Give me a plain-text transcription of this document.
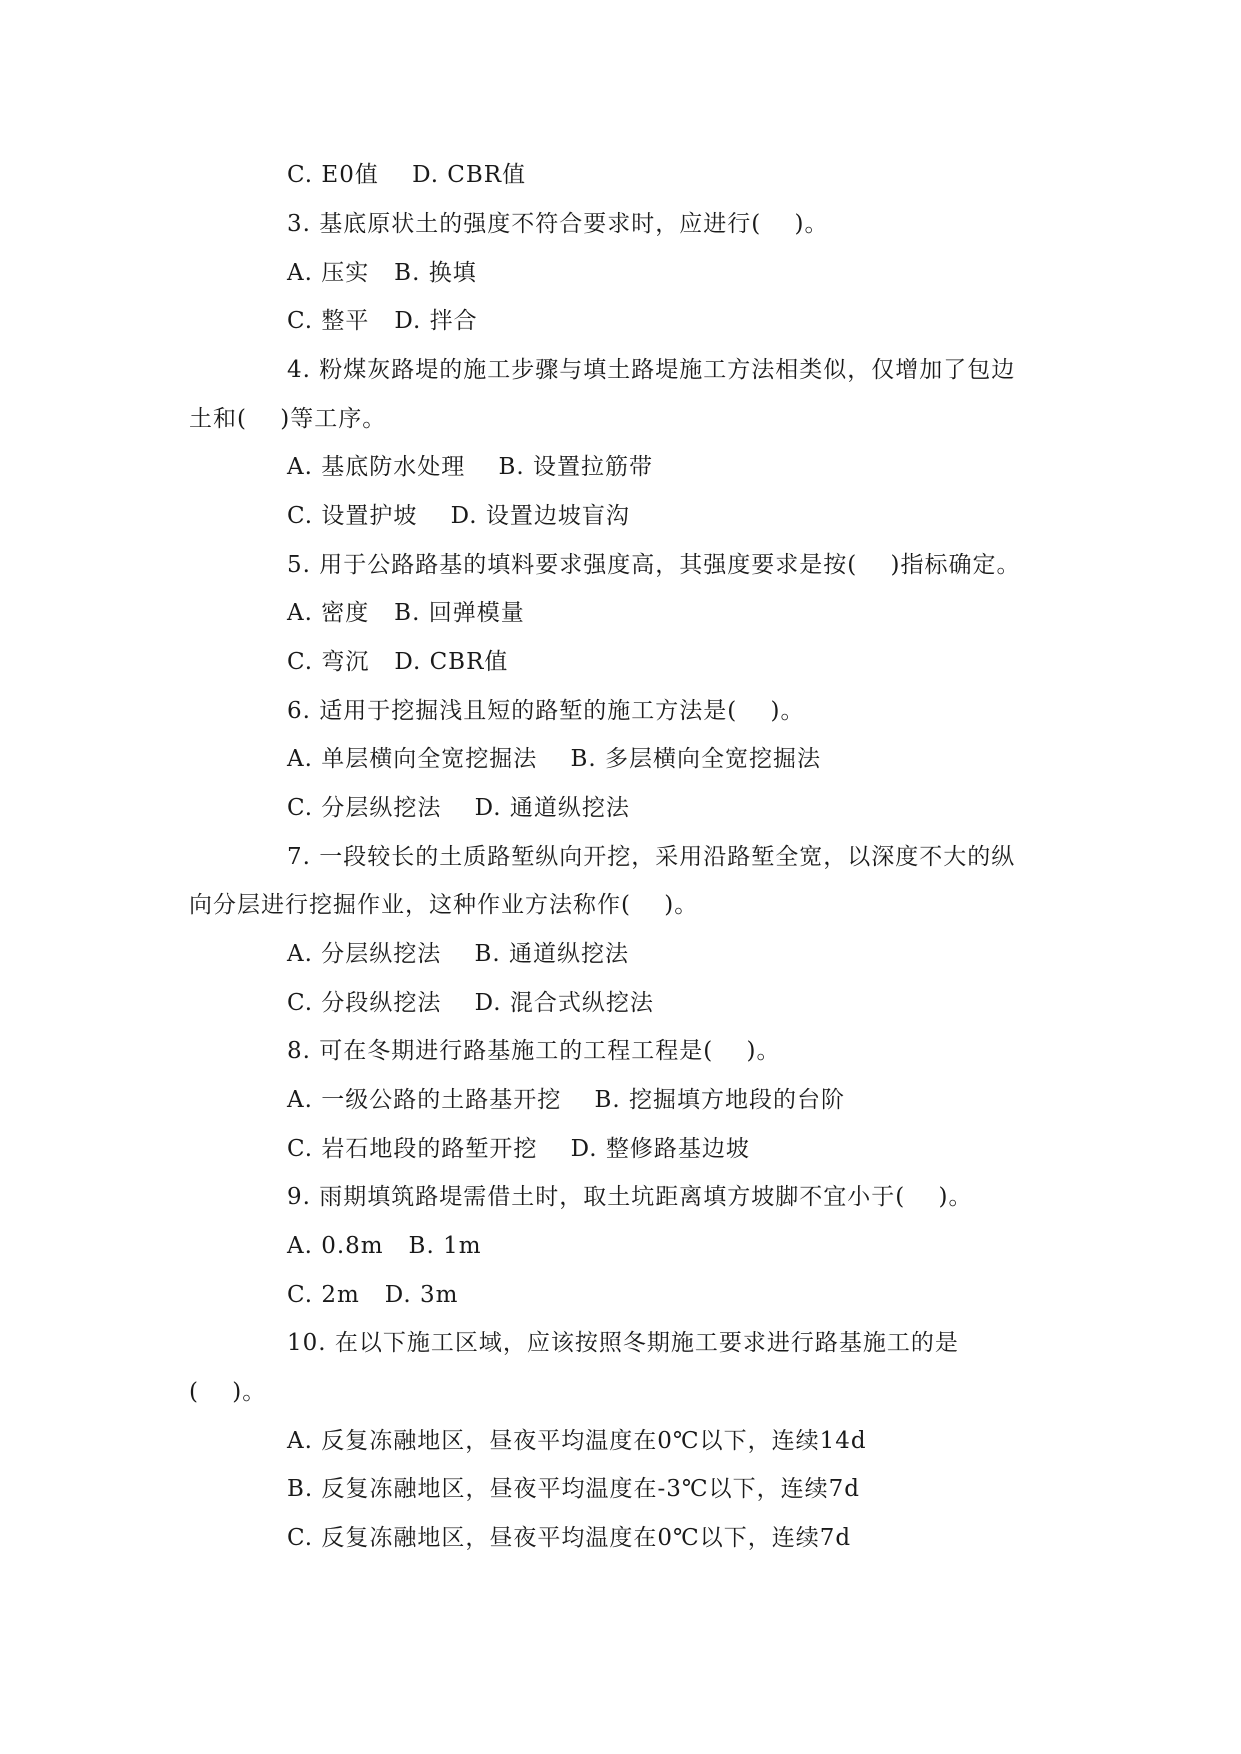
C. E0值    D. CBR值
3. 基底原状土的强度不符合要求时，应进行(    )。
A. 压实   B. 换填
C. 整平   D. 拌合
4. 粉煤灰路堤的施工步骤与填土路堤施工方法相类似，仅增加了包边
土和(    )等工序。
A. 基底防水处理    B. 设置拉筋带
C. 设置护坡    D. 设置边坡盲沟
5. 用于公路路基的填料要求强度高，其强度要求是按(    )指标确定。
A. 密度   B. 回弹模量
C. 弯沉   D. CBR值
6. 适用于挖掘浅且短的路堑的施工方法是(    )。
A. 单层横向全宽挖掘法    B. 多层横向全宽挖掘法
C. 分层纵挖法    D. 通道纵挖法
7. 一段较长的土质路堑纵向开挖，采用沿路堑全宽，以深度不大的纵
向分层进行挖掘作业，这种作业方法称作(    )。
A. 分层纵挖法    B. 通道纵挖法
C. 分段纵挖法    D. 混合式纵挖法
8. 可在冬期进行路基施工的工程工程是(    )。
A. 一级公路的土路基开挖    B. 挖掘填方地段的台阶
C. 岩石地段的路堑开挖    D. 整修路基边坡
9. 雨期填筑路堤需借土时，取土坑距离填方坡脚不宜小于(    )。
A. 0.8m   B. 1m
C. 2m   D. 3m
10. 在以下施工区域，应该按照冬期施工要求进行路基施工的是
(    )。
A. 反复冻融地区，昼夜平均温度在0℃以下，连续14d
B. 反复冻融地区，昼夜平均温度在-3℃以下，连续7d
C. 反复冻融地区，昼夜平均温度在0℃以下，连续7d
